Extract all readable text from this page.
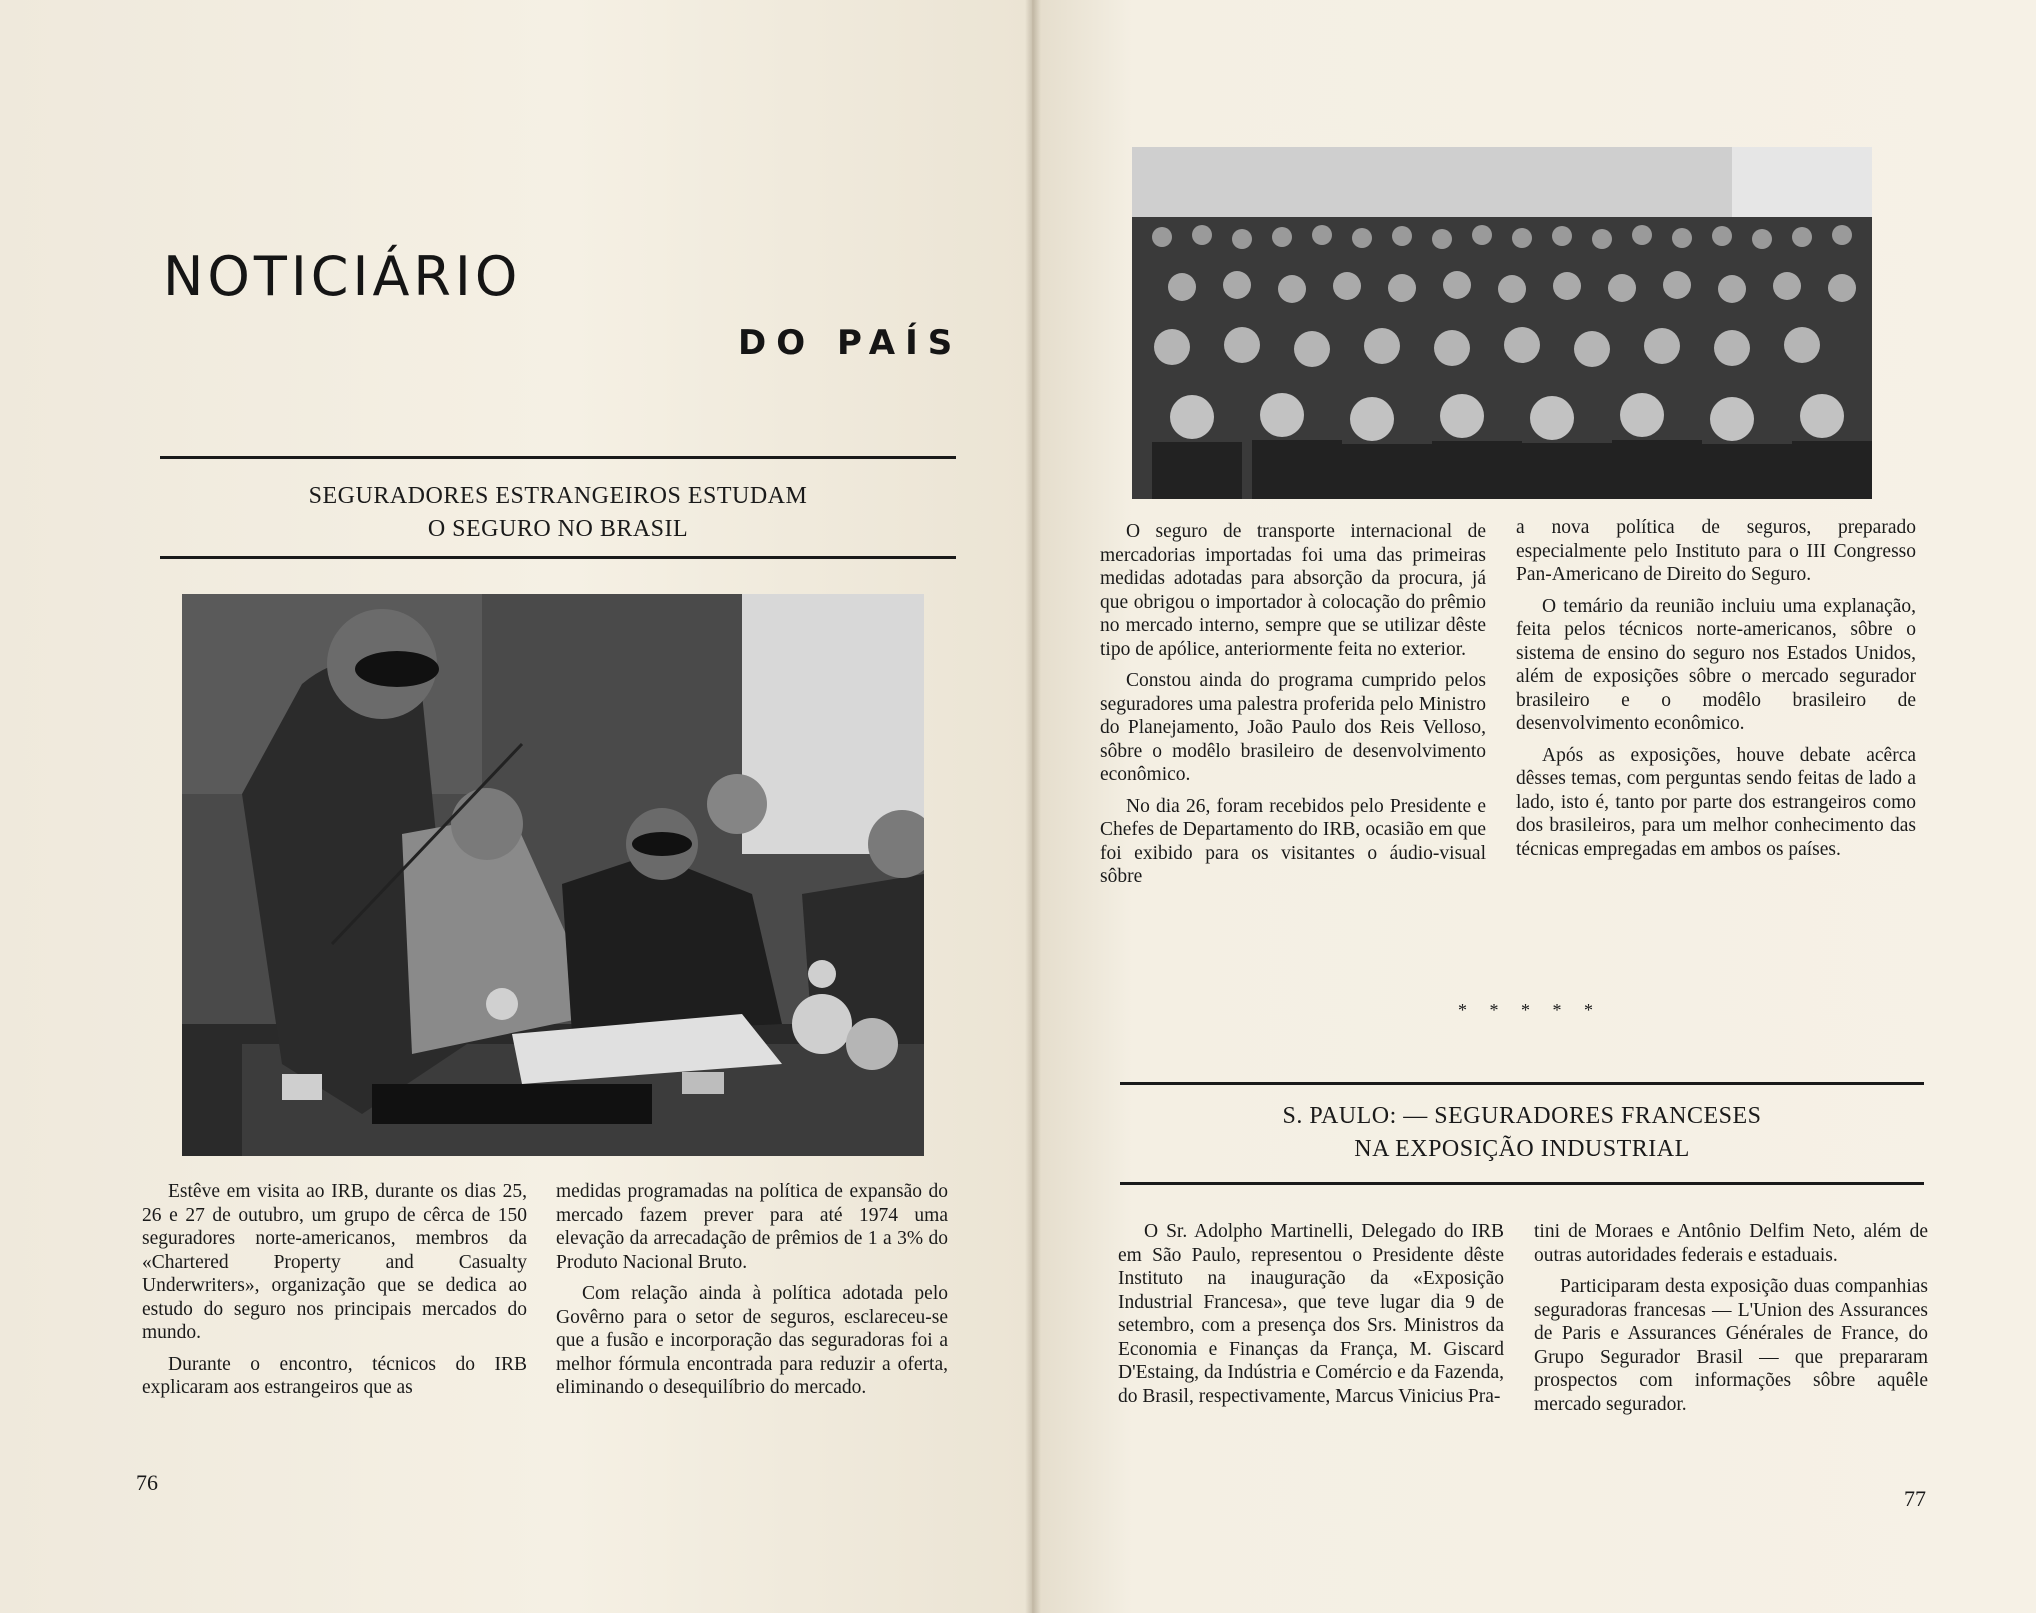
NOTICIÁRIO
DO PAÍS
SEGURADORES ESTRANGEIROS ESTUDAM
O SEGURO NO BRASIL

Estêve em visita ao IRB, durante os dias 25, 26 e 27 de outubro, um grupo de cêrca de 150 seguradores norte-americanos, membros da «Chartered Property and Casualty Underwriters», organização que se dedica ao estudo do seguro nos principais mercados do mundo.

Durante o encontro, técnicos do IRB explicaram aos estrangeiros que as

medidas programadas na política de expansão do mercado fazem prever para até 1974 uma elevação da arrecadação de prêmios de 1 a 3% do Produto Nacional Bruto.

Com relação ainda à política adotada pelo Govêrno para o setor de seguros, esclareceu-se que a fusão e incorporação das seguradoras foi a melhor fórmula encontrada para reduzir a oferta, eliminando o desequilíbrio do mercado.

76

O seguro de transporte internacional de mercadorias importadas foi uma das primeiras medidas adotadas para absorção da procura, já que obrigou o importador à colocação do prêmio no mercado interno, sempre que se utilizar dêste tipo de apólice, anteriormente feita no exterior.

Constou ainda do programa cumprido pelos seguradores uma palestra proferida pelo Ministro do Planejamento, João Paulo dos Reis Velloso, sôbre o modêlo brasileiro de desenvolvimento econômico.

No dia 26, foram recebidos pelo Presidente e Chefes de Departamento do IRB, ocasião em que foi exibido para os visitantes o áudio-visual sôbre

a nova política de seguros, preparado especialmente pelo Instituto para o III Congresso Pan-Americano de Direito do Seguro.

O temário da reunião incluiu uma explanação, feita pelos técnicos norte-americanos, sôbre o sistema de ensino do seguro nos Estados Unidos, além de exposições sôbre o mercado segurador brasileiro e o modêlo brasileiro de desenvolvimento econômico.

Após as exposições, houve debate acêrca dêsses temas, com perguntas sendo feitas de lado a lado, isto é, tanto por parte dos estrangeiros como dos brasileiros, para um melhor conhecimento das técnicas empregadas em ambos os países.

* * * * *
S. PAULO: — SEGURADORES FRANCESES
NA EXPOSIÇÃO INDUSTRIAL

O Sr. Adolpho Martinelli, Delegado do IRB em São Paulo, representou o Presidente dêste Instituto na inauguração da «Exposição Industrial Francesa», que teve lugar dia 9 de setembro, com a presença dos Srs. Ministros da Economia e Finanças da França, M. Giscard D'Estaing, da Indústria e Comércio e da Fazenda, do Brasil, respectivamente, Marcus Vinicius Pra-

tini de Moraes e Antônio Delfim Neto, além de outras autoridades federais e estaduais.

Participaram desta exposição duas companhias seguradoras francesas — L'Union des Assurances de Paris e Assurances Générales de France, do Grupo Segurador Brasil — que prepararam prospectos com informações sôbre aquêle mercado segurador.

77
